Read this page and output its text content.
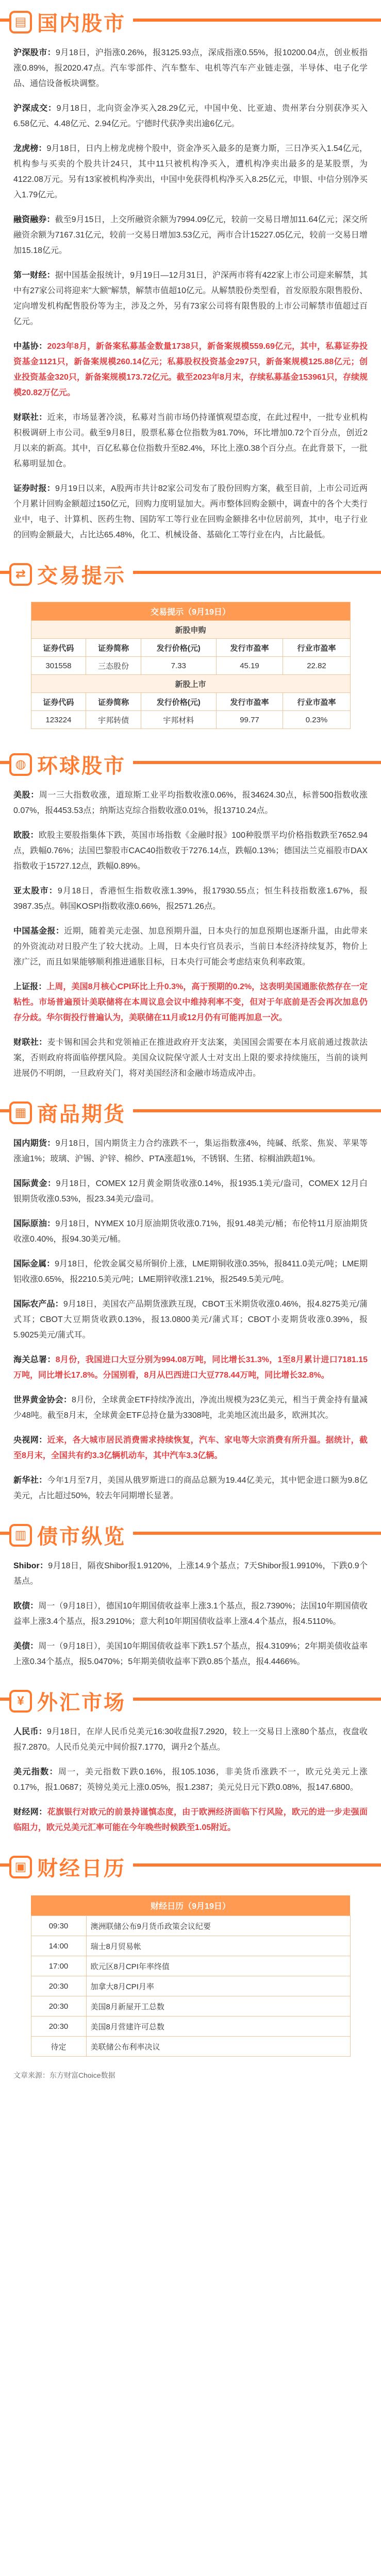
▤ 国内股市

沪深股市：9月18日，沪指涨0.26%，报3125.93点，深成指涨0.55%，报10200.04点，创业板指涨0.89%，报2020.47点。汽车零部件、汽车整车、电机等汽车产业链走强，半导体、电子化学品、通信设备板块调整。

沪深成交：9月18日，北向资金净买入28.29亿元，中国中免、比亚迪、贵州茅台分别获净买入6.58亿元、4.48亿元、2.94亿元。宁德时代获净卖出逾6亿元。

龙虎榜：9月18日，日内上榜龙虎榜个股中，资金净买入最多的是赛力斯，三日净买入1.54亿元，机构参与买卖的个股共计24只，其中11只被机构净买入，遭机构净卖出最多的是某股票，为4122.08万元。另有13家被机构净卖出，中国中免获得机构净买入8.25亿元，申银、中信分别净买入1.79亿元。

融资融券：截至9月15日，上交所融资余额为7994.09亿元，较前一交易日增加11.64亿元；深交所融资余额为7167.31亿元，较前一交易日增加3.53亿元，两市合计15227.05亿元，较前一交易日增加15.18亿元。

第一财经：据中国基金报统计，9月19日—12月31日，沪深两市将有422家上市公司迎来解禁，其中有27家公司将迎来"大额"解禁，解禁市值超10亿元。从解禁股份类型看，首发原股东限售股份、定向增发机构配售股份等为主，涉及之外，另有73家公司将有限售股的上市公司解禁市值超过百亿元。

中基协：2023年8月，新备案私募基金数量1738只，新备案规模559.69亿元，其中，私募证券投资基金1121只，新备案规模260.14亿元；私募股权投资基金297只，新备案规模125.88亿元；创业投资基金320只，新备案规模173.72亿元。截至2023年8月末，存续私募基金153961只，存续规模20.82万亿元。

财联社：近来，市场显著冷淡，私募对当前市场仍持谨慎观望态度，在此过程中，一批专业机构积极调研上市公司。截至9月8日，股票私募仓位指数为81.70%，环比增加0.72个百分点，创近2月以来的新高。其中，百亿私募仓位指数升至82.4%，环比上涨0.38个百分点。在此背景下，一批私募明显加仓。

证券时报：9月19日以来，A股两市共计82家公司发布了股份回购方案，截至目前，上市公司近两个月累计回购金额超过150亿元，回购力度明显加大。两市整体回购金额中，调查中的各个大类行业中，电子、计算机、医药生物、国防军工等行业在回购金额排名中位居前列，其中，电子行业的回购金额最大，占比达65.48%，化工、机械设备、基础化工等行业在内，占比最低。

⇄ 交易提示
交易提示（9月19日）				
新股申购				
证券代码	证券简称	发行价格(元)	发行市盈率	行业市盈率
301558	三态股份	7.33	45.19	22.82
新股上市				
证券代码	证券简称	发行价格(元)	发行市盈率	行业市盈率
123224	宇邦转债	宇邦材料	99.77	0.23%
◍ 环球股市

美股：周一三大指数收涨，道琼斯工业平均指数收涨0.06%，报34624.30点，标普500指数收涨0.07%，报4453.53点；纳斯达克综合指数收涨0.01%，报13710.24点。

欧股：欧股主要股指集体下跌，英国市场指数《金融时报》100种股票平均价格指数跌至7652.94点，跌幅0.76%；法国巴黎股市CAC40指数收于7276.14点，跌幅0.13%；德国法兰克福股市DAX指数收于15727.12点，跌幅0.89%。

亚太股市：9月18日，香港恒生指数收涨1.39%，报17930.55点；恒生科技指数涨1.67%，报3987.35点。韩国KOSPI指数收涨0.66%，报2571.26点。

中国基金报：近期，随着美元走强、加息预期升温，日本央行的加息预期也逐渐升温，由此带来的外资流动对日股产生了较大扰动。上周，日本央行官员表示，当前日本经济持续复苏，物价上涨广泛，而且如果能够顺利推进通胀目标，日本央行可能会考虑结束负利率政策。

上证报：上周，美国8月核心CPI环比上升0.3%，高于预期的0.2%，这表明美国通胀依然存在一定粘性。市场普遍预计美联储将在本周议息会议中维持利率不变，但对于年底前是否会再次加息仍存分歧。华尔街投行普遍认为，美联储在11月或12月仍有可能再加息一次。

财联社：麦卡锡和国会共和党领袖正在推进政府开支法案，美国国会需要在本月底前通过拨款法案，否则政府将面临停摆风险。美国众议院保守派人士对支出上限的要求持续施压，当前的谈判进展仍不明朗，一旦政府关门，将对美国经济和金融市场造成冲击。

▦ 商品期货

国内期货：9月18日，国内期货主力合约涨跌不一，集运指数涨4%，纯碱、纸浆、焦炭、苹果等涨逾1%；玻璃、沪锡、沪锌、棉纱、PTA涨超1%，不锈钢、生猪、棕榈油跌超1%。

国际黄金：9月18日，COMEX 12月黄金期货收涨0.14%，报1935.1美元/盎司，COMEX 12月白银期货收涨0.53%，报23.34美元/盎司。

国际原油：9月18日，NYMEX 10月原油期货收涨0.71%，报91.48美元/桶；布伦特11月原油期货收涨0.40%，报94.30美元/桶。

国际金属：9月18日，伦敦金属交易所铜价上涨，LME期铜收涨0.35%，报8411.0美元/吨；LME期铝收涨0.65%，报2210.5美元/吨；LME期锌收涨1.21%，报2549.5美元/吨。

国际农产品：9月18日，美国农产品期货涨跌互现，CBOT玉米期货收涨0.46%，报4.8275美元/蒲式耳；CBOT大豆期货收跌0.13%，报13.0800美元/蒲式耳；CBOT小麦期货收涨0.39%，报5.9025美元/蒲式耳。

海关总署：8月份，我国进口大豆分别为994.08万吨，同比增长31.3%，1至8月累计进口7181.15万吨，同比增长17.8%。分国别看，8月从巴西进口大豆778.44万吨，同比增长32.8%。

世界黄金协会：8月份，全球黄金ETF持续净流出，净流出规模为23亿美元，相当于黄金持有量减少48吨。截至8月末，全球黄金ETF总持仓量为3308吨，北美地区流出最多，欧洲其次。

央视网：近来，各大城市居民消费需求持续恢复，汽车、家电等大宗消费有所升温。据统计，截至8月末，全国共有约3.3亿辆机动车，其中汽车3.3亿辆。

新华社：今年1月至7月，美国从俄罗斯进口的商品总额为19.44亿美元，其中钯金进口额为9.8亿美元，占比超过50%，较去年同期增长显著。

▥ 债市纵览

Shibor：9月18日，隔夜Shibor报1.9120%，上涨14.9个基点；7天Shibor报1.9910%，下跌0.9个基点。

欧债：周一（9月18日），德国10年期国债收益率上涨3.1个基点，报2.7390%；法国10年期国债收益率上涨3.4个基点，报3.2910%；意大利10年期国债收益率上涨4.4个基点，报4.5110%。

美债：周一（9月18日），美国10年期国债收益率下跌1.57个基点，报4.3109%；2年期美债收益率上涨0.34个基点，报5.0470%；5年期美债收益率下跌0.85个基点，报4.4466%。

¥ 外汇市场

人民币：9月18日，在岸人民币兑美元16:30收盘报7.2920，较上一交易日上涨80个基点，夜盘收报7.2870。人民币兑美元中间价报7.1770，调升2个基点。

美元指数：周一，美元指数下跌0.16%，报105.1036，非美货币涨跌不一，欧元兑美元上涨0.17%，报1.0687；英镑兑美元上涨0.05%，报1.2387；美元兑日元下跌0.08%，报147.6800。

财经网：花旗银行对欧元的前景持谨慎态度，由于欧洲经济面临下行风险，欧元的进一步走强面临阻力，欧元兑美元汇率可能在今年晚些时候跌至1.05附近。

▣ 财经日历
财经日历（9月19日）	
09:30	澳洲联储公布9月货币政策会议纪要
14:00	瑞士8月贸易帐
17:00	欧元区8月CPI年率终值
20:30	加拿大8月CPI月率
20:30	美国8月新屋开工总数
20:30	美国8月营建许可总数
待定	美联储公布利率决议
文章来源：东方财富Choice数据
